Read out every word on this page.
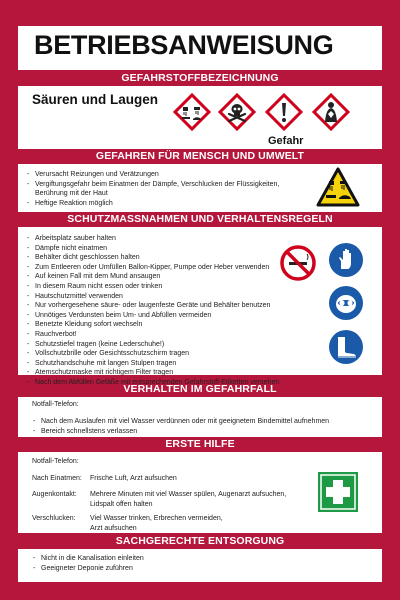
BETRIEBSANWEISUNG
GEFAHRSTOFFBEZEICHNUNG
Säuren und Laugen
Gefahr
GEFAHREN FÜR MENSCH UND UMWELT
- Verursacht Reizungen und Verätzungen
- Vergiftungsgefahr beim Einatmen der Dämpfe, Verschlucken der Flüssigkeiten,
Berührung mit der Haut
- Heftige Reaktion möglich
SCHUTZMASSNAHMEN UND VERHALTENSREGELN
- Arbeitsplatz sauber halten
- Dämpfe nicht einatmen
- Behälter dicht geschlossen halten
- Zum Entleeren oder Umfüllen Ballon-Kipper, Pumpe oder Heber verwenden
- Auf keinen Fall mit dem Mund ansaugen
- In diesem Raum nicht essen oder trinken
- Hautschutzmittel verwenden
- Nur vorhergesehene säure- oder laugenfeste Geräte und Behälter benutzen
- Unnötiges Verdunsten beim Um- und Abfüllen vermeiden
- Benetzte Kleidung sofort wechseln
- Rauchverbot!
- Schutzstiefel tragen (keine Lederschuhe!)
- Vollschutzbrille oder Gesichtsschutzschirm tragen
- Schutzhandschuhe mit langen Stulpen tragen
- Atemschutzmaske mit richtigem Filter tragen
- Nach dem Abfüllen Gefäße mit entsprechenden Gefahrstoff-Etiketten versehen
VERHALTEN IM GEFAHRFALL
Notfall-Telefon:
- Nach dem Auslaufen mit viel Wasser verdünnen oder mit geeignetem Bindemittel aufnehmen
- Bereich schnellstens verlassen
ERSTE HILFE
Notfall-Telefon:
Nach Einatmen: Frische Luft, Arzt aufsuchen
Augenkontakt: Mehrere Minuten mit viel Wasser spülen, Augenarzt aufsuchen,
Lidspalt offen halten
Verschlucken: Viel Wasser trinken, Erbrechen vermeiden,
Arzt aufsuchen
SACHGERECHTE ENTSORGUNG
- Nicht in die Kanalisation einleiten
- Geeigneter Deponie zuführen
